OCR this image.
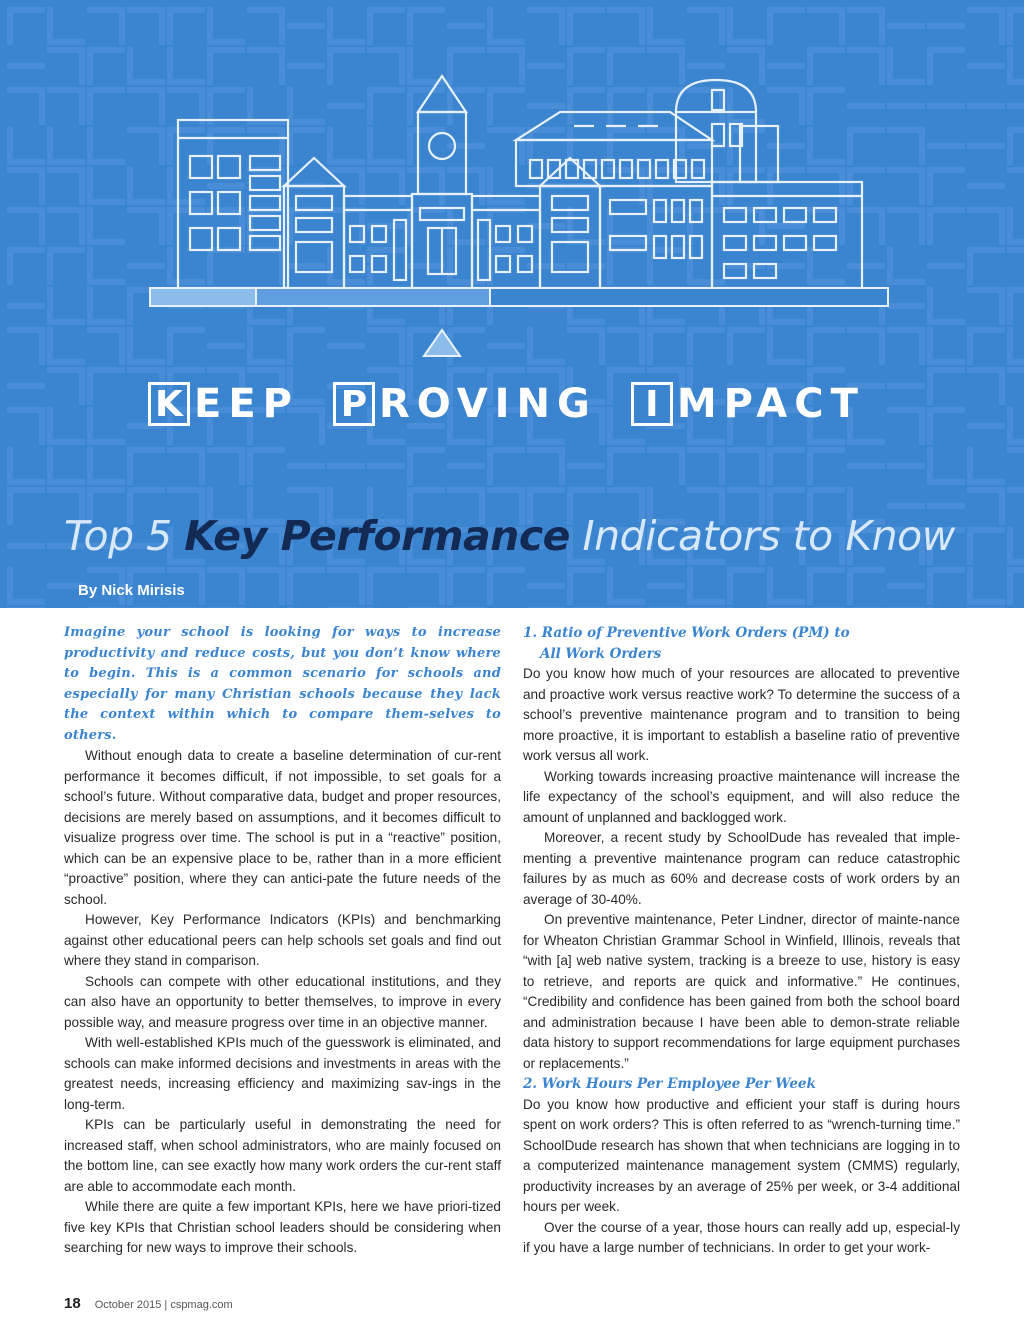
K EEP P ROVING	I MPACT
Top 5 Key Performance Indicators to Know
By Nick Mirisis

Imagine your school is looking for ways to increase productivity and reduce costs, but you don’t know where to begin. This is a common scenario for schools and especially for many Christian schools because they lack the context within which to compare them-selves to others.

Without enough data to create a baseline determination of cur-rent performance it becomes difficult, if not impossible, to set goals for a school’s future. Without comparative data, budget and proper resources, decisions are merely based on assumptions, and it becomes difficult to visualize progress over time. The school is put in a “reactive” position, which can be an expensive place to be, rather than in a more efficient “proactive” position, where they can antici-pate the future needs of the school.

However, Key Performance Indicators (KPIs) and benchmarking against other educational peers can help schools set goals and find out where they stand in comparison.

Schools can compete with other educational institutions, and they can also have an opportunity to better themselves, to improve in every possible way, and measure progress over time in an objective manner.

With well-established KPIs much of the guesswork is eliminated, and schools can make informed decisions and investments in areas with the greatest needs, increasing efficiency and maximizing sav-ings in the long-term.

KPIs can be particularly useful in demonstrating the need for increased staff, when school administrators, who are mainly focused on the bottom line, can see exactly how many work orders the cur-rent staff are able to accommodate each month.

While there are quite a few important KPIs, here we have priori-tized five key KPIs that Christian school leaders should be considering when searching for new ways to improve their schools.

1. Ratio of Preventive Work Orders (PM) to
All Work Orders

Do you know how much of your resources are allocated to preventive and proactive work versus reactive work? To determine the success of a school’s preventive maintenance program and to transition to being more proactive, it is important to establish a baseline ratio of preventive work versus all work.

Working towards increasing proactive maintenance will increase the life expectancy of the school’s equipment, and will also reduce the amount of unplanned and backlogged work.

Moreover, a recent study by SchoolDude has revealed that imple-menting a preventive maintenance program can reduce catastrophic failures by as much as 60% and decrease costs of work orders by an average of 30-40%.

On preventive maintenance, Peter Lindner, director of mainte-nance for Wheaton Christian Grammar School in Winfield, Illinois, reveals that “with [a] web native system, tracking is a breeze to use, history is easy to retrieve, and reports are quick and informative.” He continues, “Credibility and confidence has been gained from both the school board and administration because I have been able to demon-strate reliable data history to support recommendations for large equipment purchases or replacements.”

2. Work Hours Per Employee Per Week

Do you know how productive and efficient your staff is during hours spent on work orders? This is often referred to as “wrench-turning time.” SchoolDude research has shown that when technicians are logging in to a computerized maintenance management system (CMMS) regularly, productivity increases by an average of 25% per week, or 3-4 additional hours per week.

Over the course of a year, those hours can really add up, especial-ly if you have a large number of technicians. In order to get your work-

18 October 2015 | cspmag.com
